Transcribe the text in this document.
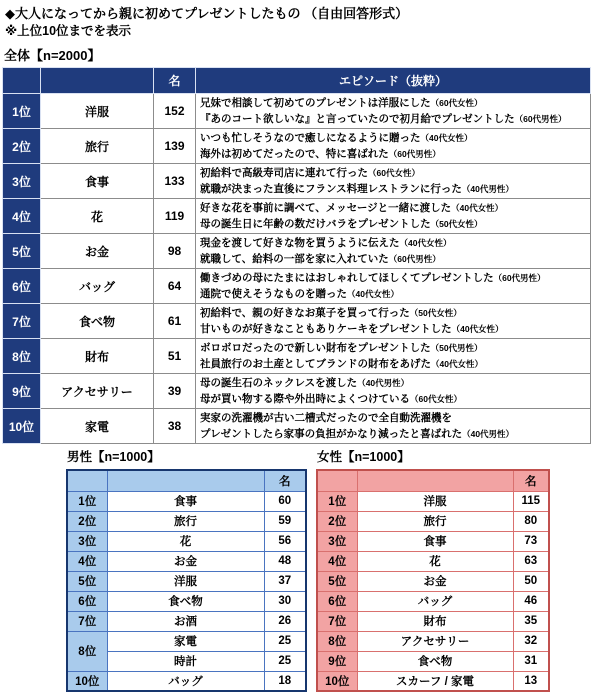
◆大人になってから親に初めてプレゼントしたもの （自由回答形式）
※上位10位までを表示
全体【n=2000】
		名	エピソード（抜粋）
1位	洋服	152	兄妹で相談して初めてのプレゼントは洋服にした（60代女性）
『あのコート欲しいな』と言っていたので初月給でプレゼントした（60代男性）

2位	旅行	139	いつも忙しそうなので癒しになるように贈った（40代女性）
海外は初めてだったので、特に喜ばれた（60代男性）

3位	食事	133	初給料で高級寿司店に連れて行った（60代女性）
就職が決まった直後にフランス料理レストランに行った（40代男性）

4位	花	119	好きな花を事前に調べて、メッセージと一緒に渡した（40代女性）
母の誕生日に年齢の数だけバラをプレゼントした（50代女性）

5位	お金	98	現金を渡して好きな物を買うように伝えた（40代女性）
就職して、給料の一部を家に入れていた（60代男性）

6位	バッグ	64	働きづめの母にたまにはおしゃれしてほしくてプレゼントした（60代男性）
通院で使えそうなものを贈った（40代女性）

7位	食べ物	61	初給料で、親の好きなお菓子を買って行った（50代女性）
甘いものが好きなこともありケーキをプレゼントした（40代女性）

8位	財布	51	ボロボロだったので新しい財布をプレゼントした（50代男性）
社員旅行のお土産としてブランドの財布をあげた（40代女性）

9位	アクセサリー	39	母の誕生石のネックレスを渡した（40代男性）
母が買い物する際や外出時によくつけている（60代女性）

10位	家電	38	実家の洗濯機が古い二槽式だったので全自動洗濯機を
プレゼントしたら家事の負担がかなり減ったと喜ばれた（40代男性）
男性【n=1000】
		名
1位	食事	60
2位	旅行	59
3位	花	56
4位	お金	48
5位	洋服	37
6位	食べ物	30
7位	お酒	26
8位	家電	25
	時計	25
10位	バッグ	18
女性【n=1000】
		名
1位	洋服	115
2位	旅行	80
3位	食事	73
4位	花	63
5位	お金	50
6位	バッグ	46
7位	財布	35
8位	アクセサリー	32
9位	食べ物	31
10位	スカーフ / 家電	13
